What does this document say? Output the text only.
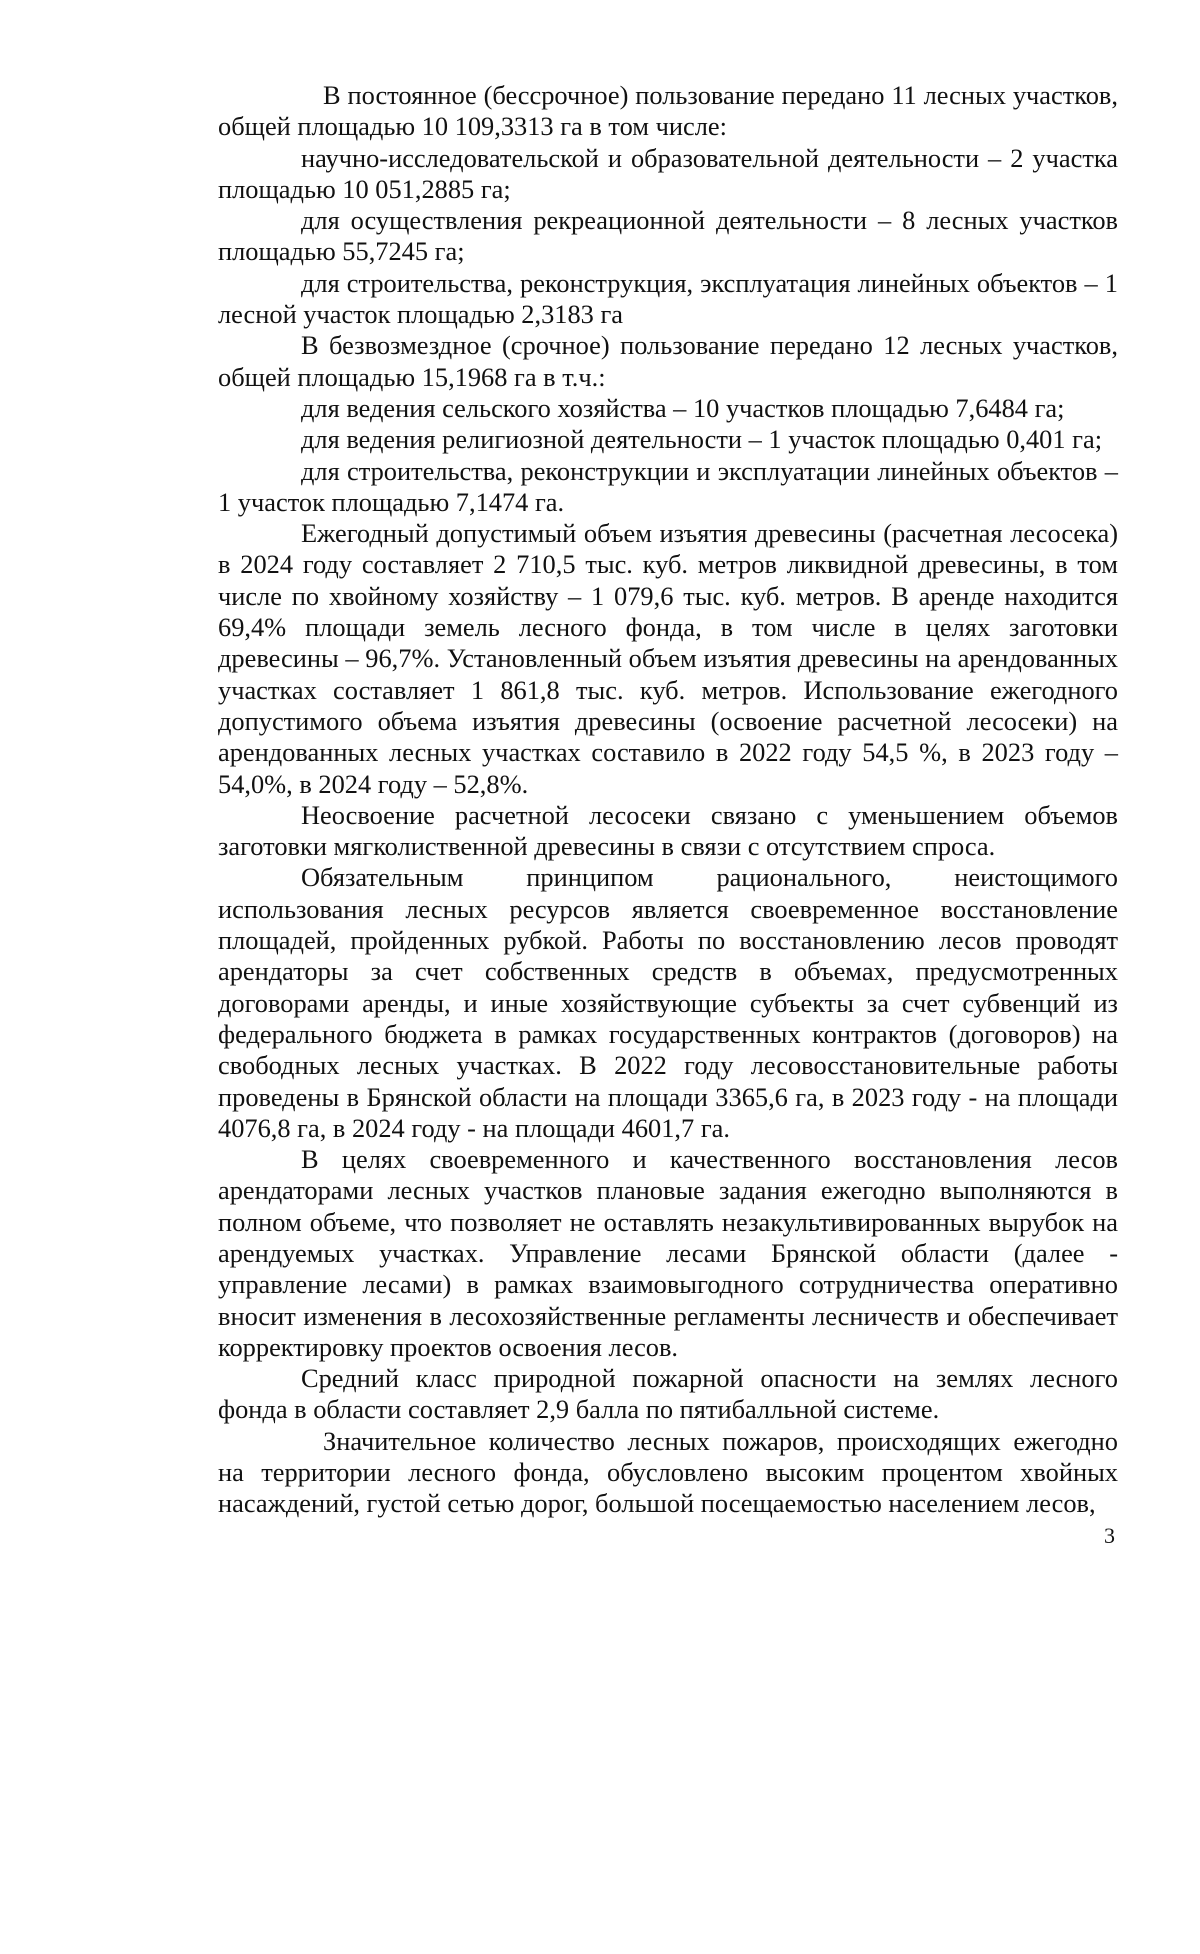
В постоянное (бессрочное) пользование передано 11 лесных участков, общей площадью 10 109,3313 га в том числе:

научно-исследовательской и образовательной деятельности – 2 участка площадью 10 051,2885 га;

для осуществления рекреационной деятельности – 8 лесных участков площадью 55,7245 га;

для строительства, реконструкция, эксплуатация линейных объектов – 1 лесной участок площадью 2,3183 га

В безвозмездное (срочное) пользование передано 12 лесных участков, общей площадью 15,1968 га в т.ч.:

для ведения сельского хозяйства – 10 участков площадью 7,6484 га;

для ведения религиозной деятельности – 1 участок площадью 0,401 га;

для строительства, реконструкции и эксплуатации линейных объектов – 1 участок площадью 7,1474 га.

Ежегодный допустимый объем изъятия древесины (расчетная лесосека) в 2024 году составляет 2 710,5 тыс. куб. метров ликвидной древесины, в том числе по хвойному хозяйству – 1 079,6 тыс. куб. метров. В аренде находится 69,4% площади земель лесного фонда, в том числе в целях заготовки древесины – 96,7%. Установленный объем изъятия древесины на арендованных участках составляет 1 861,8 тыс. куб. метров. Использование ежегодного допустимого объема изъятия древесины (освоение расчетной лесосеки) на арендованных лесных участках составило в 2022 году 54,5 %, в 2023 году – 54,0%, в 2024 году – 52,8%.

Неосвоение расчетной лесосеки связано с уменьшением объемов заготовки мягколиственной древесины в связи с отсутствием спроса.

Обязательным принципом рационального, неистощимого использования лесных ресурсов является своевременное восстановление площадей, пройденных рубкой. Работы по восстановлению лесов проводят арендаторы за счет собственных средств в объемах, предусмотренных договорами аренды, и иные хозяйствующие субъекты за счет субвенций из федерального бюджета в рамках государственных контрактов (договоров) на свободных лесных участках. В 2022 году лесовосстановительные работы проведены в Брянской области на площади 3365,6 га, в 2023 году - на площади 4076,8 га, в 2024 году - на площади 4601,7 га.

В целях своевременного и качественного восстановления лесов арендаторами лесных участков плановые задания ежегодно выполняются в полном объеме, что позволяет не оставлять незакультивированных вырубок на арендуемых участках. Управление лесами Брянской области (далее - управление лесами) в рамках взаимовыгодного сотрудничества оперативно вносит изменения в лесохозяйственные регламенты лесничеств и обеспечивает корректировку проектов освоения лесов.

Средний класс природной пожарной опасности на землях лесного фонда в области составляет 2,9 балла по пятибалльной системе.

Значительное количество лесных пожаров, происходящих ежегодно на территории лесного фонда, обусловлено высоким процентом хвойных насаждений, густой сетью дорог, большой посещаемостью населением лесов,

3
